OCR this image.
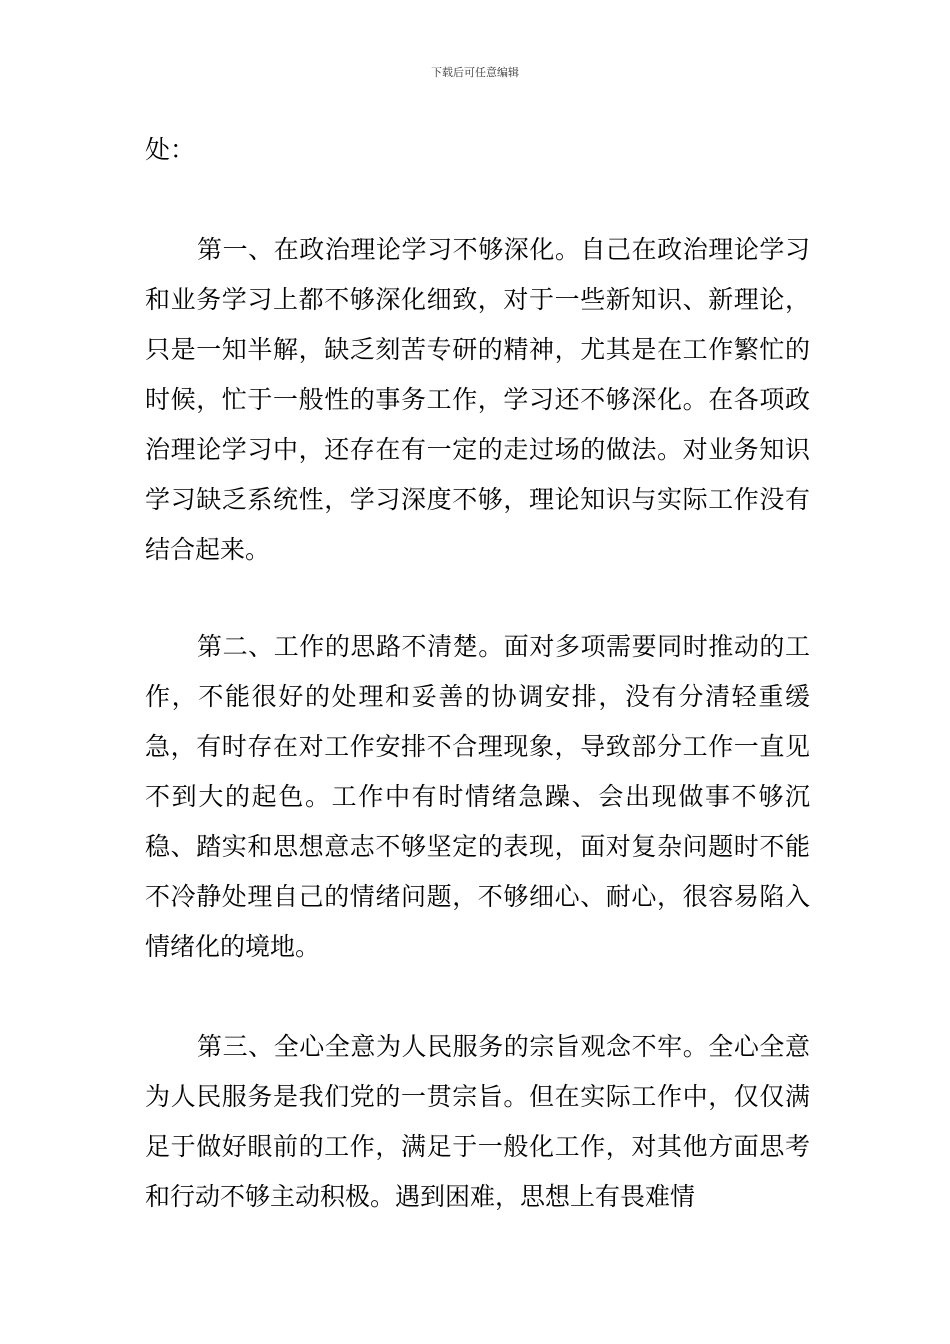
下载后可任意编辑

处：

第一、在政治理论学习不够深化。自己在政治理论学习和业务学习上都不够深化细致，对于一些新知识、新理论，只是一知半解，缺乏刻苦专研的精神，尤其是在工作繁忙的时候，忙于一般性的事务工作，学习还不够深化。在各项政治理论学习中，还存在有一定的走过场的做法。对业务知识学习缺乏系统性，学习深度不够，理论知识与实际工作没有结合起来。

第二、工作的思路不清楚。面对多项需要同时推动的工作，不能很好的处理和妥善的协调安排，没有分清轻重缓急，有时存在对工作安排不合理现象，导致部分工作一直见不到大的起色。工作中有时情绪急躁、会出现做事不够沉稳、踏实和思想意志不够坚定的表现，面对复杂问题时不能不冷静处理自己的情绪问题，不够细心、耐心，很容易陷入情绪化的境地。

第三、全心全意为人民服务的宗旨观念不牢。全心全意为人民服务是我们党的一贯宗旨。但在实际工作中，仅仅满足于做好眼前的工作，满足于一般化工作，对其他方面思考和行动不够主动积极。遇到困难，思想上有畏难情
